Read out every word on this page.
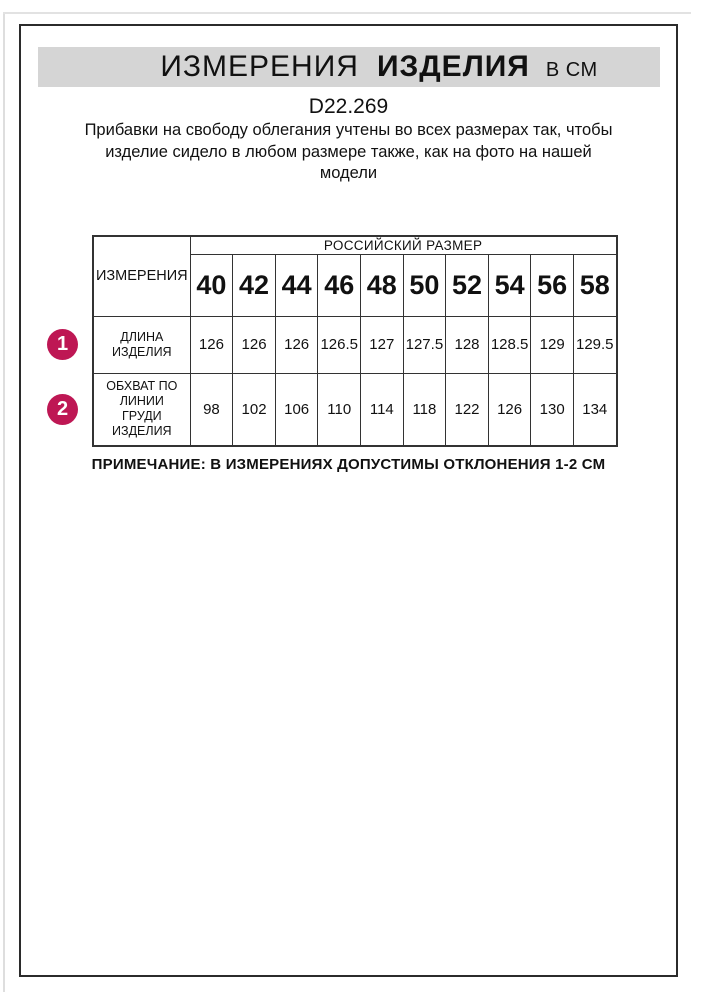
ИЗМЕРЕНИЯ ИЗДЕЛИЯ В СМ
D22.269
Прибавки на свободу облегания учтены во всех размерах так, чтобы
изделие сидело в любом размере также, как на фото на нашей
модели
ИЗМЕРЕНИЯ	РОССИЙСКИЙ РАЗМЕР									
	40	42	44	46	48	50	52	54	56	58
ДЛИНА
ИЗДЕЛИЯ	126	126	126	126.5	127	127.5	128	128.5	129	129.5
ОБХВАТ ПО
ЛИНИИ
ГРУДИ
ИЗДЕЛИЯ	98	102	106	110	114	118	122	126	130	134
1
2
ПРИМЕЧАНИЕ: В ИЗМЕРЕНИЯХ ДОПУСТИМЫ ОТКЛОНЕНИЯ 1-2 СМ
